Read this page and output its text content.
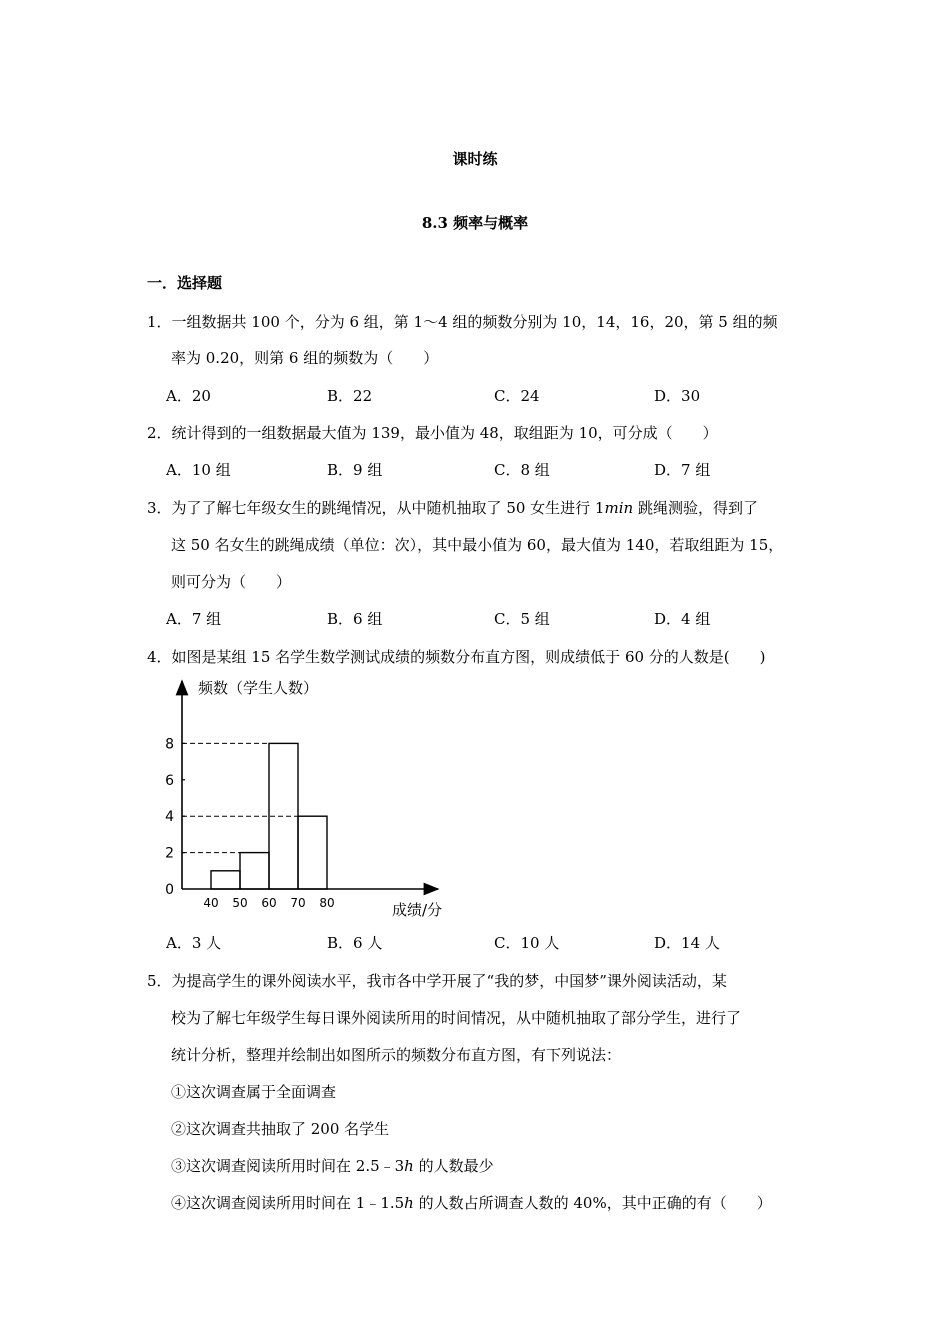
课时练
8.3 频率与概率
一．选择题
1．一组数据共 100 个，分为 6 组，第 1～4 组的频数分别为 10，14，16，20，第 5 组的频
率为 0.20，则第 6 组的频数为（　　）
A．20	B．22	C．24	D．30
2．统计得到的一组数据最大值为 139，最小值为 48，取组距为 10，可分成（　　）
A．10 组	B．9 组	C．8 组	D．7 组
3．为了了解七年级女生的跳绳情况，从中随机抽取了 50 女生进行 1min 跳绳测验，得到了
这 50 名女生的跳绳成绩（单位：次），其中最小值为 60，最大值为 140，若取组距为 15，
则可分为（　　）
A．7 组	B．6 组	C．5 组	D．4 组
4．如图是某组 15 名学生数学测试成绩的频数分布直方图，则成绩低于 60 分的人数是(　　)
0
2
4
6
8
40 50 60 70 80
频数（学生人数）
成绩/分
A．3 人	B．6 人	C．10 人	D．14 人
5．为提高学生的课外阅读水平，我市各中学开展了“我的梦，中国梦”课外阅读活动，某
校为了解七年级学生每日课外阅读所用的时间情况，从中随机抽取了部分学生，进行了
统计分析，整理并绘制出如图所示的频数分布直方图，有下列说法：
①这次调查属于全面调查
②这次调查共抽取了 200 名学生
③这次调查阅读所用时间在 2.5﹣3h 的人数最少
④这次调查阅读所用时间在 1﹣1.5h 的人数占所调查人数的 40%，其中正确的有（　　）
